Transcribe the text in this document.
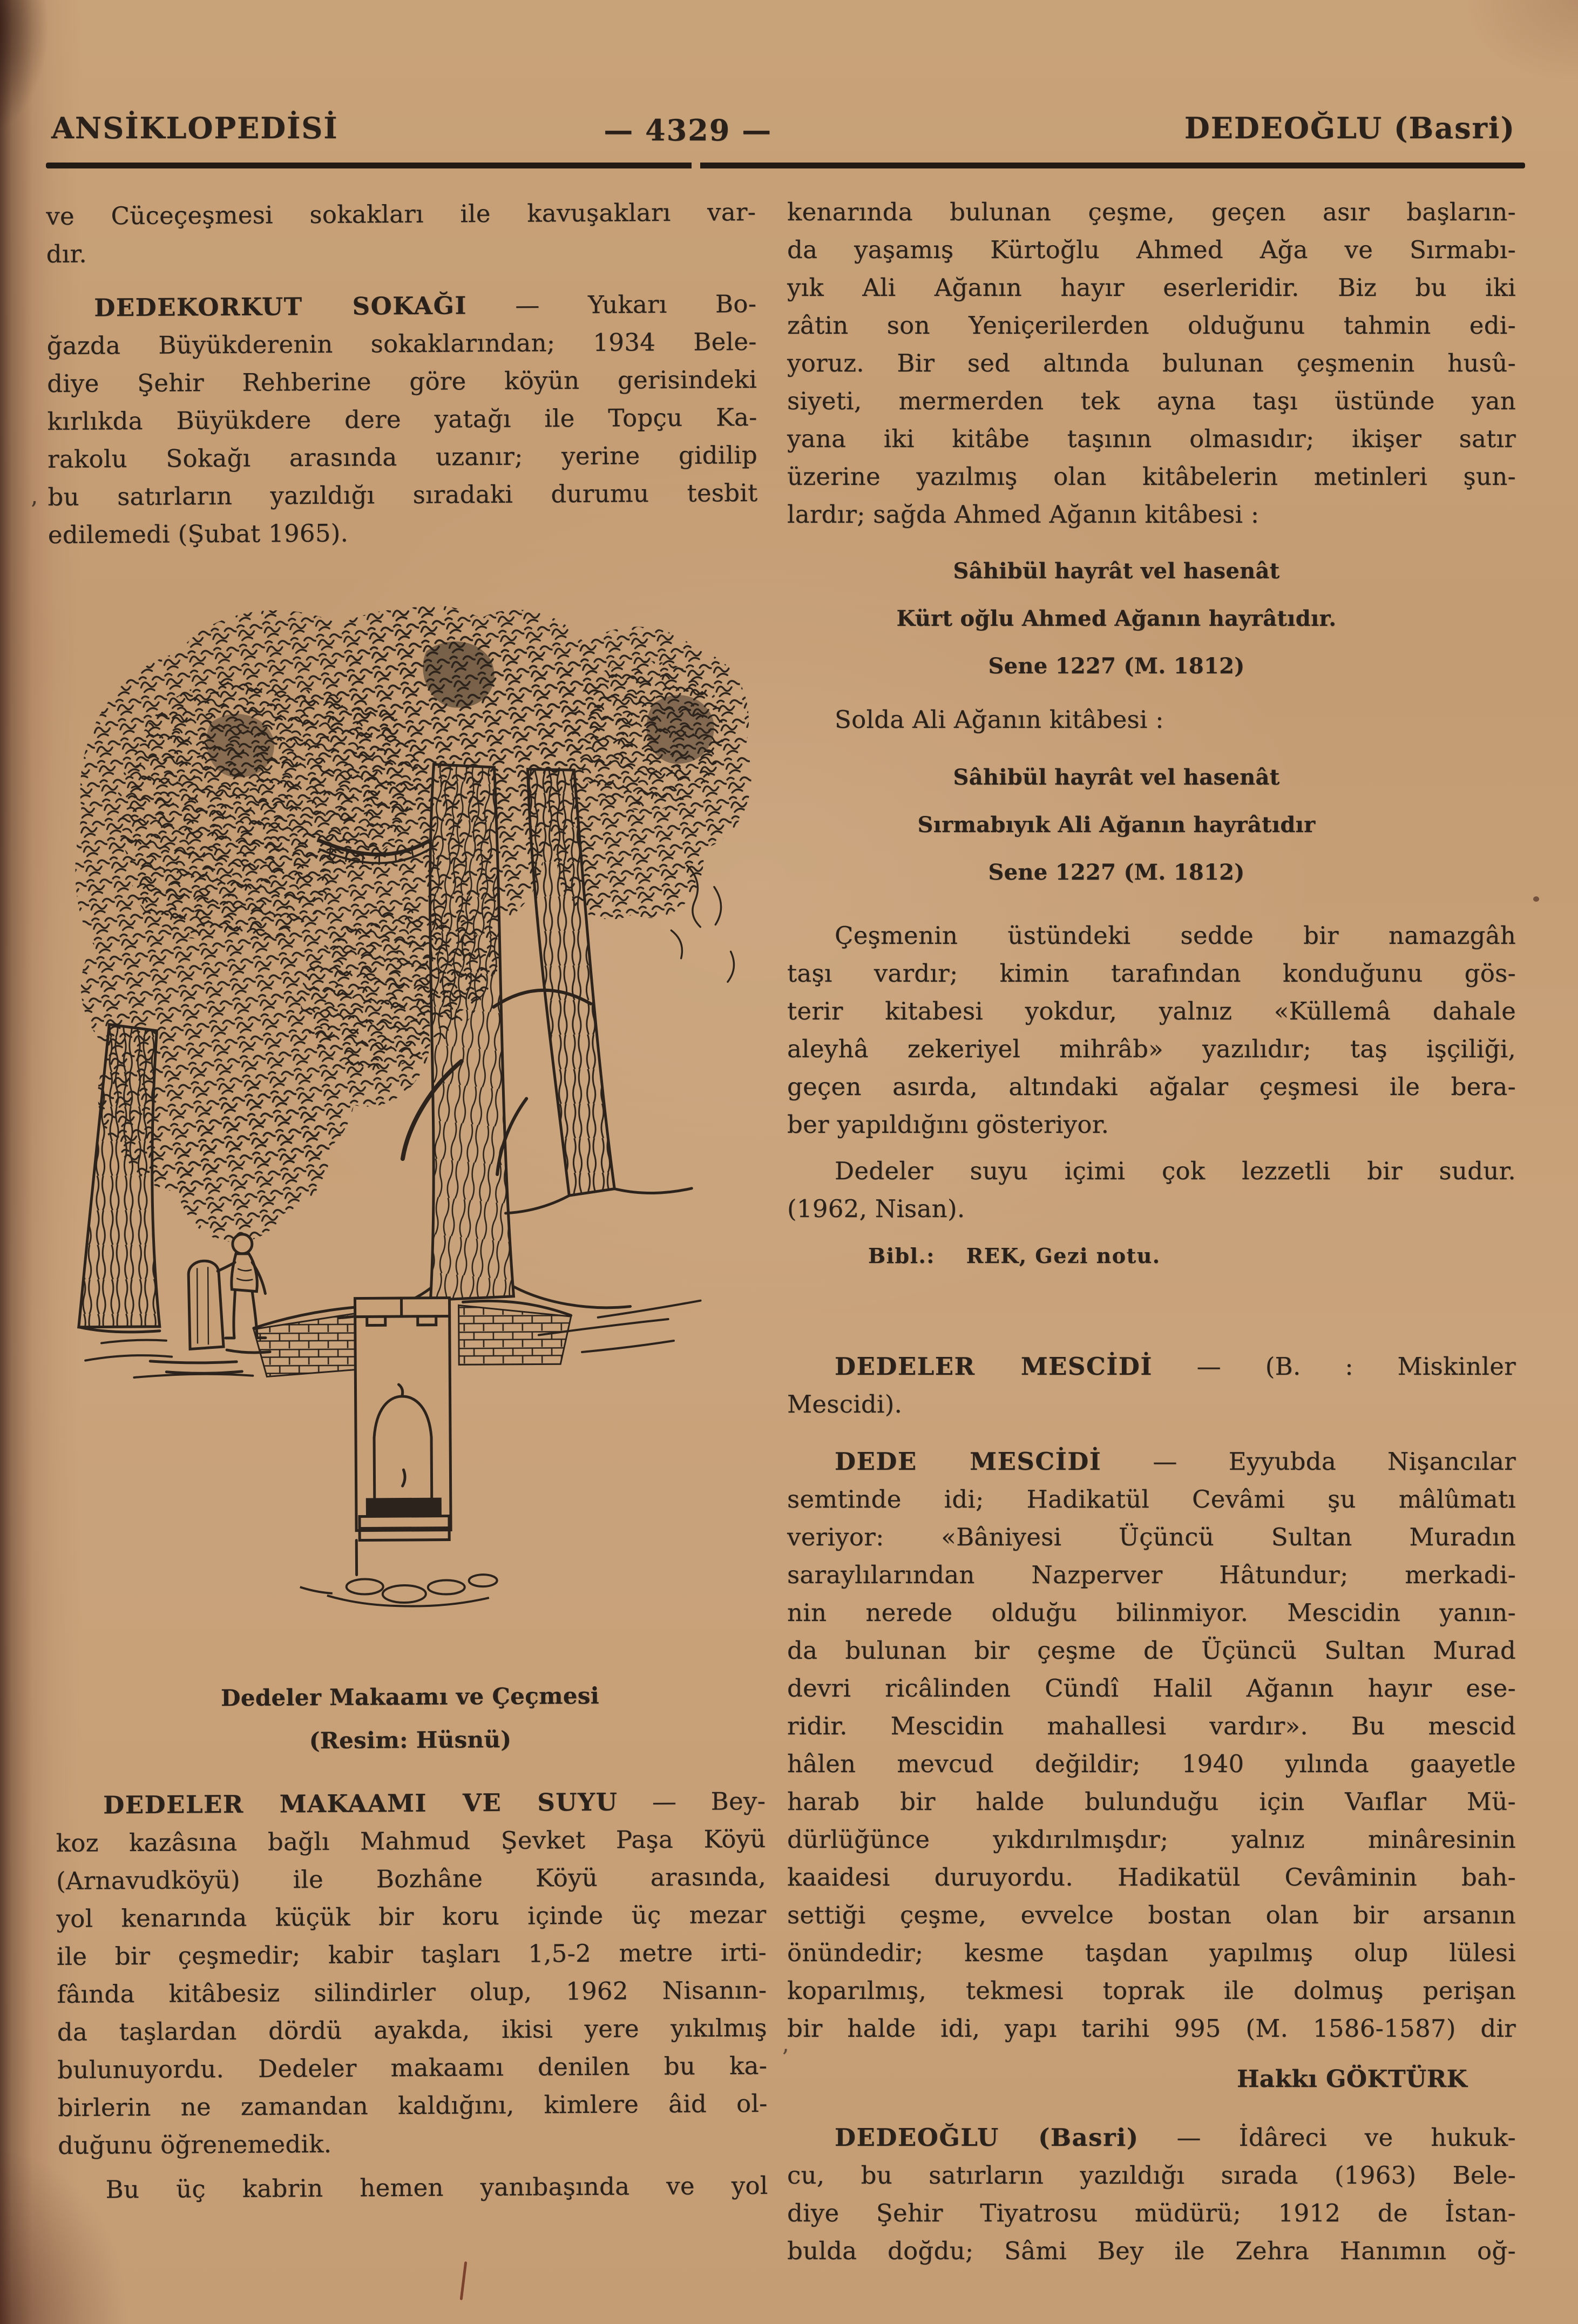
ANSİKLOPEDİSİ	— 4329 —	DEDEOĞLU (Basri)
ve Cüceçeşmesi sokakları ile kavuşakları var-
dır.
DEDEKORKUT SOKAĞI — Yukarı Bo-
ğazda Büyükderenin sokaklarından; 1934 Bele-
diye Şehir Rehberine göre köyün gerisindeki
kırlıkda Büyükdere dere yatağı ile Topçu Ka-
rakolu Sokağı arasında uzanır; yerine gidilip
bu satırların yazıldığı sıradaki durumu tesbit
edilemedi (Şubat 1965).
Dedeler Makaamı ve Çeçmesi
(Resim: Hüsnü)
DEDELER MAKAAMI VE SUYU — Bey-
koz kazâsına bağlı Mahmud Şevket Paşa Köyü
(Arnavudköyü) ile Bozhâne Köyü arasında,
yol kenarında küçük bir koru içinde üç mezar
ile bir çeşmedir; kabir taşları 1,5-2 metre irti-
fâında kitâbesiz silindirler olup, 1962 Nisanın-
da taşlardan dördü ayakda, ikisi yere yıkılmış
bulunuyordu. Dedeler makaamı denilen bu ka-
birlerin ne zamandan kaldığını, kimlere âid ol-
duğunu öğrenemedik.
Bu üç kabrin hemen yanıbaşında ve yol
kenarında bulunan çeşme, geçen asır başların-
da yaşamış Kürtoğlu Ahmed Ağa ve Sırmabı-
yık Ali Ağanın hayır eserleridir. Biz bu iki
zâtin son Yeniçerilerden olduğunu tahmin edi-
yoruz. Bir sed altında bulunan çeşmenin husû-
siyeti, mermerden tek ayna taşı üstünde yan
yana iki kitâbe taşının olmasıdır; ikişer satır
üzerine yazılmış olan kitâbelerin metinleri şun-
lardır; sağda Ahmed Ağanın kitâbesi :
Sâhibül hayrât vel hasenât
Kürt oğlu Ahmed Ağanın hayrâtıdır.
Sene 1227 (M. 1812)
Solda Ali Ağanın kitâbesi :
Sâhibül hayrât vel hasenât
Sırmabıyık Ali Ağanın hayrâtıdır
Sene 1227 (M. 1812)
Çeşmenin üstündeki sedde bir namazgâh
taşı vardır; kimin tarafından konduğunu gös-
terir kitabesi yokdur, yalnız «Küllemâ dahale
aleyhâ zekeriyel mihrâb» yazılıdır; taş işçiliği,
geçen asırda, altındaki ağalar çeşmesi ile bera-
ber yapıldığını gösteriyor.
Dedeler suyu içimi çok lezzetli bir sudur.
(1962, Nisan).
Bibl.:    REK, Gezi notu.
DEDELER MESCİDİ — (B. : Miskinler
Mescidi).
DEDE MESCİDİ — Eyyubda Nişancılar
semtinde idi; Hadikatül Cevâmi şu mâlûmatı
veriyor: «Bâniyesi Üçüncü Sultan Muradın
saraylılarından Nazperver Hâtundur; merkadi-
nin nerede olduğu bilinmiyor. Mescidin yanın-
da bulunan bir çeşme de Üçüncü Sultan Murad
devri ricâlinden Cündî Halil Ağanın hayır ese-
ridir. Mescidin mahallesi vardır». Bu mescid
hâlen mevcud değildir; 1940 yılında gaayetle
harab bir halde bulunduğu için Vaıflar Mü-
dürlüğünce yıkdırılmışdır; yalnız minâresinin
kaaidesi duruyordu. Hadikatül Cevâminin bah-
settiği çeşme, evvelce bostan olan bir arsanın
önündedir; kesme taşdan yapılmış olup lülesi
koparılmış, tekmesi toprak ile dolmuş perişan
bir halde idi, yapı tarihi 995 (M. 1586-1587) dir
Hakkı GÖKTÜRK
DEDEOĞLU (Basri) — İdâreci ve hukuk-
cu, bu satırların yazıldığı sırada (1963) Bele-
diye Şehir Tiyatrosu müdürü; 1912 de İstan-
bulda doğdu; Sâmi Bey ile Zehra Hanımın oğ-
’
’
